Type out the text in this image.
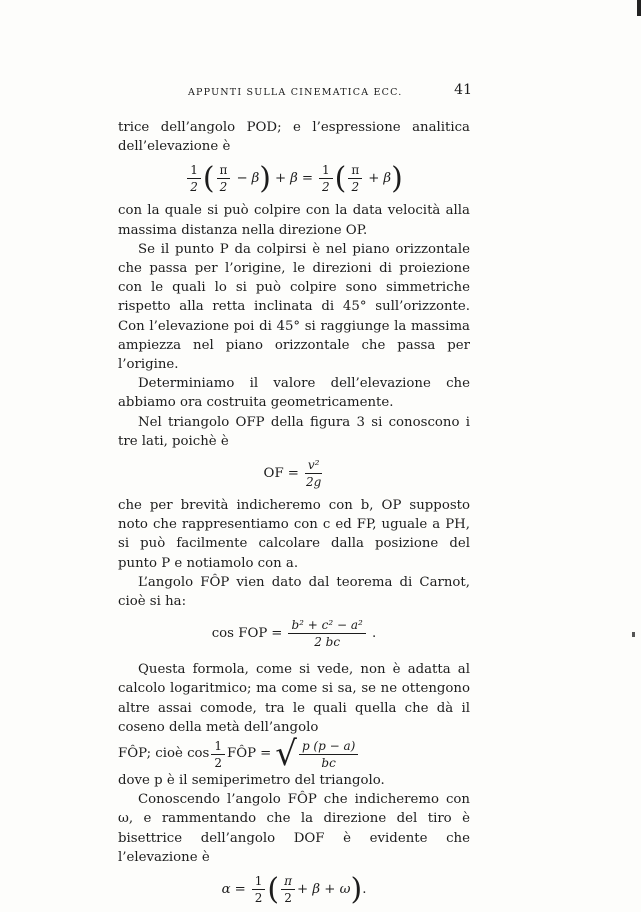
APPUNTI SULLA CINEMATICA ECC.	41

trice dell’angolo POD; e l’espressione analitica dell’elevazione è

$\frac{1}{2}$ ( $\frac{\pi}{2} - \beta$ ) + $\beta = \frac{1}{2}$ ( $\frac{\pi}{2} + \beta$ )

con la quale si può colpire con la data velocità alla massima distanza nella direzione OP.

Se il punto P da colpirsi è nel piano orizzontale che passa per l’origine, le direzioni di proiezione con le quali lo si può colpire sono simmetriche rispetto alla retta inclinata di 45° sull’orizzonte. Con l’elevazione poi di 45° si raggiunge la massima ampiezza nel piano orizzontale che passa per l’origine.

Determiniamo il valore dell’elevazione che abbiamo ora costruita geometricamente.

Nel triangolo OFP della figura 3 si conoscono i tre lati, poichè è

OF = $\frac{\text{v²}}{2g}$

che per brevità indicheremo con b, OP supposto noto che rappresentiamo con c ed FP, uguale a PH, si può facilmente calcolare dalla posizione del punto P e notiamolo con a.

L’angolo FÔP vien dato dal teorema di Carnot, cioè si ha:

cos FOP = $\frac{\text{b² + c² − a²}}{2 bc}$ .

Questa formola, come si vede, non è adatta al calcolo logaritmico; ma come si sa, se ne ottengono altre assai comode, tra le quali quella che dà il coseno della metà dell’angolo

FÔP; cioè $\cos \frac{1}{2}$ FÔP = √ $\frac{p (p - a)}{bc}$

dove p è il semiperimetro del triangolo.

Conoscendo l’angolo FÔP che indicheremo con ω, e rammentando che la direzione del tiro è bisettrice dell’angolo DOF è evidente che l’elevazione è

$\alpha = \frac{1}{2}$ ( $\frac{\pi}{2} + \beta + \omega$ ) .
